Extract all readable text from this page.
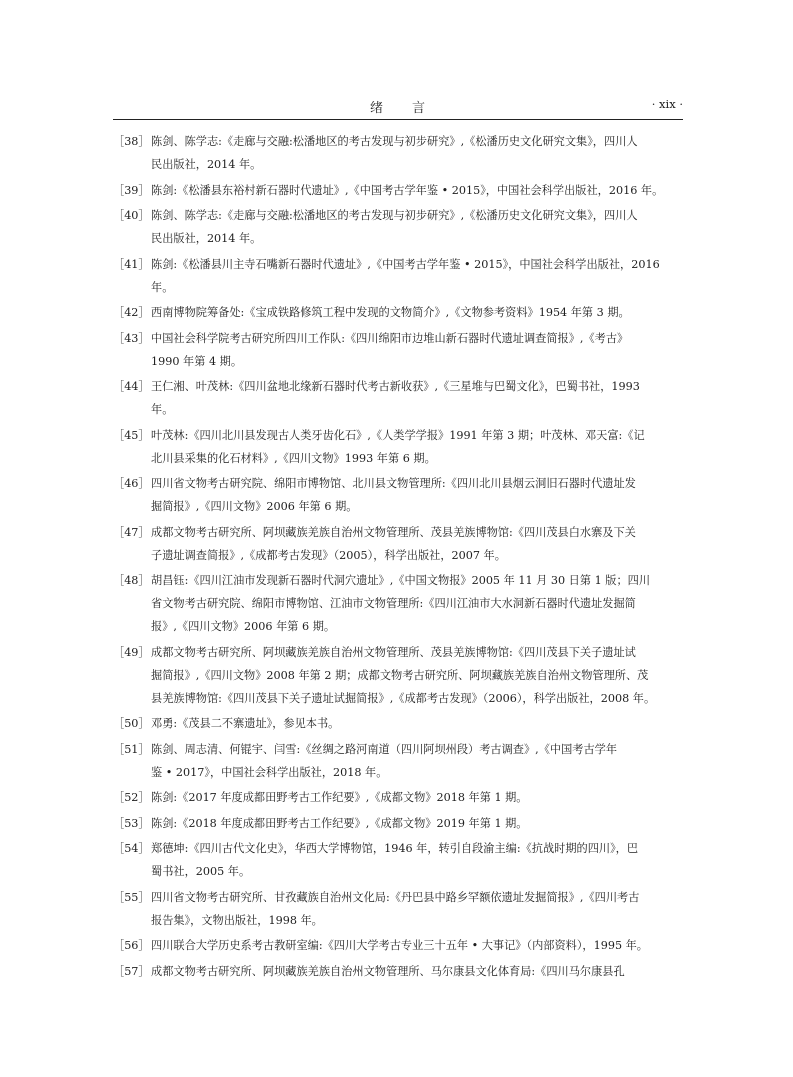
绪 言	· xix ·
［38］ 陈剑、陈学志:《走廊与交融:松潘地区的考古发现与初步研究》,《松潘历史文化研究文集》，四川人
民出版社，2014 年。
［39］ 陈剑:《松潘县东裕村新石器时代遗址》,《中国考古学年鉴 • 2015》，中国社会科学出版社，2016 年。
［40］ 陈剑、陈学志:《走廊与交融:松潘地区的考古发现与初步研究》,《松潘历史文化研究文集》，四川人
民出版社，2014 年。
［41］ 陈剑:《松潘县川主寺石嘴新石器时代遗址》,《中国考古学年鉴 • 2015》，中国社会科学出版社，2016
年。
［42］ 西南博物院筹备处:《宝成铁路修筑工程中发现的文物简介》,《文物参考资料》1954 年第 3 期。
［43］ 中国社会科学院考古研究所四川工作队:《四川绵阳市边堆山新石器时代遗址调查简报》,《考古》
1990 年第 4 期。
［44］ 王仁湘、叶茂林:《四川盆地北缘新石器时代考古新收获》,《三星堆与巴蜀文化》，巴蜀书社，1993
年。
［45］ 叶茂林:《四川北川县发现古人类牙齿化石》,《人类学学报》1991 年第 3 期；叶茂林、邓天富:《记
北川县采集的化石材料》,《四川文物》1993 年第 6 期。
［46］ 四川省文物考古研究院、绵阳市博物馆、北川县文物管理所:《四川北川县烟云洞旧石器时代遗址发
掘简报》,《四川文物》2006 年第 6 期。
［47］ 成都文物考古研究所、阿坝藏族羌族自治州文物管理所、茂县羌族博物馆:《四川茂县白水寨及下关
子遗址调查简报》,《成都考古发现》（2005），科学出版社，2007 年。
［48］ 胡昌钰:《四川江油市发现新石器时代洞穴遗址》,《中国文物报》2005 年 11 月 30 日第 1 版；四川
省文物考古研究院、绵阳市博物馆、江油市文物管理所:《四川江油市大水洞新石器时代遗址发掘简
报》,《四川文物》2006 年第 6 期。
［49］ 成都文物考古研究所、阿坝藏族羌族自治州文物管理所、茂县羌族博物馆:《四川茂县下关子遗址试
掘简报》,《四川文物》2008 年第 2 期；成都文物考古研究所、阿坝藏族羌族自治州文物管理所、茂
县羌族博物馆:《四川茂县下关子遗址试掘简报》,《成都考古发现》（2006），科学出版社，2008 年。
［50］ 邓勇:《茂县二不寨遗址》，参见本书。
［51］ 陈剑、周志清、何锟宇、闫雪:《丝绸之路河南道（四川阿坝州段）考古调查》,《中国考古学年
鉴 • 2017》，中国社会科学出版社，2018 年。
［52］ 陈剑:《2017 年度成都田野考古工作纪要》,《成都文物》2018 年第 1 期。
［53］ 陈剑:《2018 年度成都田野考古工作纪要》,《成都文物》2019 年第 1 期。
［54］ 郑德坤:《四川古代文化史》，华西大学博物馆，1946 年，转引自段渝主编:《抗战时期的四川》，巴
蜀书社，2005 年。
［55］ 四川省文物考古研究所、甘孜藏族自治州文化局:《丹巴县中路乡罕额依遗址发掘简报》,《四川考古
报告集》，文物出版社，1998 年。
［56］ 四川联合大学历史系考古教研室编:《四川大学考古专业三十五年 • 大事记》（内部资料），1995 年。
［57］ 成都文物考古研究所、阿坝藏族羌族自治州文物管理所、马尔康县文化体育局:《四川马尔康县孔
